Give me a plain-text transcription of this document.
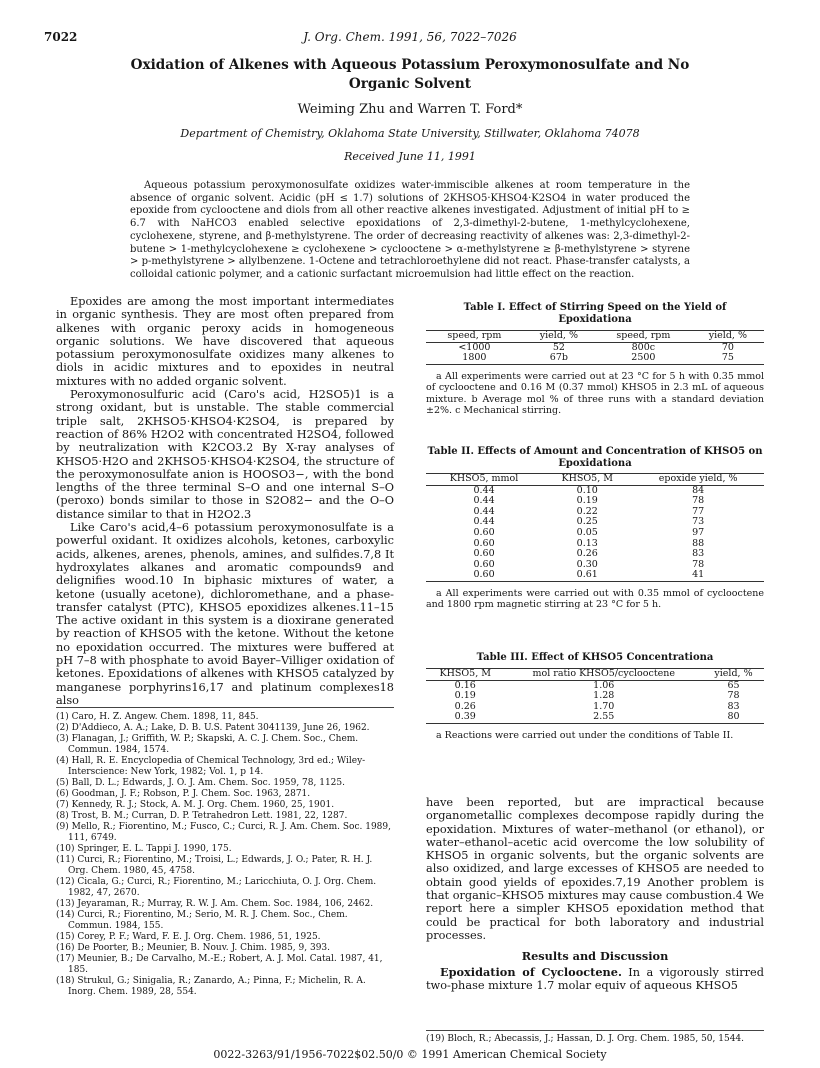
7022	J. Org. Chem. 1991, 56, 7022–7026
Oxidation of Alkenes with Aqueous Potassium Peroxymonosulfate and No Organic Solvent
Weiming Zhu and Warren T. Ford*
Department of Chemistry, Oklahoma State University, Stillwater, Oklahoma 74078
Received June 11, 1991
Aqueous potassium peroxymonosulfate oxidizes water-immiscible alkenes at room temperature in the absence of organic solvent. Acidic (pH ≤ 1.7) solutions of 2KHSO5·KHSO4·K2SO4 in water produced the epoxide from cyclooctene and diols from all other reactive alkenes investigated. Adjustment of initial pH to ≥ 6.7 with NaHCO3 enabled selective epoxidations of 2,3-dimethyl-2-butene, 1-methylcyclohexene, cyclohexene, styrene, and β-methylstyrene. The order of decreasing reactivity of alkenes was: 2,3-dimethyl-2-butene > 1-methylcyclohexene ≥ cyclohexene > cyclooctene > α-methylstyrene ≥ β-methylstyrene > styrene > p-methylstyrene > allylbenzene. 1-Octene and tetrachloroethylene did not react. Phase-transfer catalysts, a colloidal cationic polymer, and a cationic surfactant microemulsion had little effect on the reaction.

Epoxides are among the most important intermediates in organic synthesis. They are most often prepared from alkenes with organic peroxy acids in homogeneous organic solutions. We have discovered that aqueous potassium peroxymonosulfate oxidizes many alkenes to diols in acidic mixtures and to epoxides in neutral mixtures with no added organic solvent.

Peroxymonosulfuric acid (Caro's acid, H2SO5)1 is a strong oxidant, but is unstable. The stable commercial triple salt, 2KHSO5·KHSO4·K2SO4, is prepared by reaction of 86% H2O2 with concentrated H2SO4, followed by neutralization with K2CO3.2 By X-ray analyses of KHSO5·H2O and 2KHSO5·KHSO4·K2SO4, the structure of the peroxymonosulfate anion is HOOSO3−, with the bond lengths of the three terminal S–O and one internal S–O (peroxo) bonds similar to those in S2O82− and the O–O distance similar to that in H2O2.3

Like Caro's acid,4–6 potassium peroxymonosulfate is a powerful oxidant. It oxidizes alcohols, ketones, carboxylic acids, alkenes, arenes, phenols, amines, and sulfides.7,8 It hydroxylates alkanes and aromatic compounds9 and delignifies wood.10 In biphasic mixtures of water, a ketone (usually acetone), dichloromethane, and a phase-transfer catalyst (PTC), KHSO5 epoxidizes alkenes.11–15 The active oxidant in this system is a dioxirane generated by reaction of KHSO5 with the ketone. Without the ketone no epoxidation occurred. The mixtures were buffered at pH 7–8 with phosphate to avoid Bayer–Villiger oxidation of ketones. Epoxidations of alkenes with KHSO5 catalyzed by manganese porphyrins16,17 and platinum complexes18 also

(1) Caro, H. Z. Angew. Chem. 1898, 11, 845.
(2) D'Addieco, A. A.; Lake, D. B. U.S. Patent 3041139, June 26, 1962.
(3) Flanagan, J.; Griffith, W. P.; Skapski, A. C. J. Chem. Soc., Chem. Commun. 1984, 1574.
(4) Hall, R. E. Encyclopedia of Chemical Technology, 3rd ed.; Wiley-Interscience: New York, 1982; Vol. 1, p 14.
(5) Ball, D. L.; Edwards, J. O. J. Am. Chem. Soc. 1959, 78, 1125.
(6) Goodman, J. F.; Robson, P. J. Chem. Soc. 1963, 2871.
(7) Kennedy, R. J.; Stock, A. M. J. Org. Chem. 1960, 25, 1901.
(8) Trost, B. M.; Curran, D. P. Tetrahedron Lett. 1981, 22, 1287.
(9) Mello, R.; Fiorentino, M.; Fusco, C.; Curci, R. J. Am. Chem. Soc. 1989, 111, 6749.
(10) Springer, E. L. Tappi J. 1990, 175.
(11) Curci, R.; Fiorentino, M.; Troisi, L.; Edwards, J. O.; Pater, R. H. J. Org. Chem. 1980, 45, 4758.
(12) Cicala, G.; Curci, R.; Fiorentino, M.; Laricchiuta, O. J. Org. Chem. 1982, 47, 2670.
(13) Jeyaraman, R.; Murray, R. W. J. Am. Chem. Soc. 1984, 106, 2462.
(14) Curci, R.; Fiorentino, M.; Serio, M. R. J. Chem. Soc., Chem. Commun. 1984, 155.
(15) Corey, P. F.; Ward, F. E. J. Org. Chem. 1986, 51, 1925.
(16) De Poorter, B.; Meunier, B. Nouv. J. Chim. 1985, 9, 393.
(17) Meunier, B.; De Carvalho, M.-E.; Robert, A. J. Mol. Catal. 1987, 41, 185.
(18) Strukul, G.; Sinigalia, R.; Zanardo, A.; Pinna, F.; Michelin, R. A. Inorg. Chem. 1989, 28, 554.
Table I. Effect of Stirring Speed on the Yield of Epoxidationa
speed, rpm	yield, %	speed, rpm	yield, %
<1000	52	800c	70
1800	67b	2500	75
a All experiments were carried out at 23 °C for 5 h with 0.35 mmol of cyclooctene and 0.16 M (0.37 mmol) KHSO5 in 2.3 mL of aqueous mixture. b Average mol % of three runs with a standard deviation ±2%. c Mechanical stirring.
Table II. Effects of Amount and Concentration of KHSO5 on Epoxidationa
KHSO5, mmol	KHSO5, M	epoxide yield, %
0.44	0.10	84
0.44	0.19	78
0.44	0.22	77
0.44	0.25	73
0.60	0.05	97
0.60	0.13	88
0.60	0.26	83
0.60	0.30	78
0.60	0.61	41
a All experiments were carried out with 0.35 mmol of cyclooctene and 1800 rpm magnetic stirring at 23 °C for 5 h.
Table III. Effect of KHSO5 Concentrationa
KHSO5, M	mol ratio KHSO5/cyclooctene	yield, %
0.16	1.06	65
0.19	1.28	78
0.26	1.70	83
0.39	2.55	80
a Reactions were carried out under the conditions of Table II.

have been reported, but are impractical because organometallic complexes decompose rapidly during the epoxidation. Mixtures of water–methanol (or ethanol), or water–ethanol–acetic acid overcome the low solubility of KHSO5 in organic solvents, but the organic solvents are also oxidized, and large excesses of KHSO5 are needed to obtain good yields of epoxides.7,19 Another problem is that organic–KHSO5 mixtures may cause combustion.4 We report here a simpler KHSO5 epoxidation method that could be practical for both laboratory and industrial processes.

Results and Discussion

Epoxidation of Cyclooctene. In a vigorously stirred two-phase mixture 1.7 molar equiv of aqueous KHSO5

(19) Bloch, R.; Abecassis, J.; Hassan, D. J. Org. Chem. 1985, 50, 1544.
0022-3263/91/1956-7022$02.50/0 © 1991 American Chemical Society
